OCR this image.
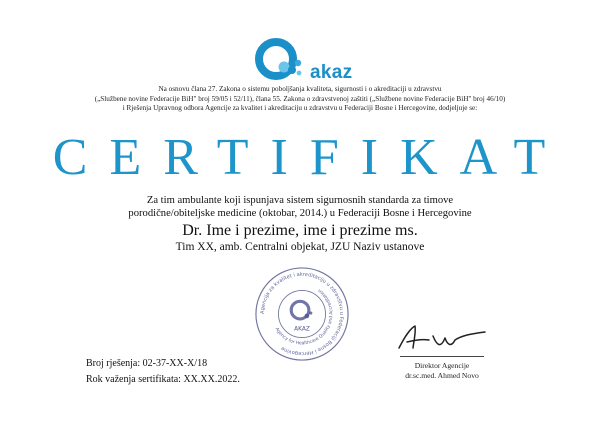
akaz
Na osnovu člana 27. Zakona o sistemu poboljšanja kvaliteta, sigurnosti i o akreditaciji u zdravstvu
(„Službene novine Federacije BiH" broj 59/05 i 52/11), člana 55. Zakona o zdravstvenoj zaštiti („Službene novine Federacije BiH" broj 46/10)
i Rješenja Upravnog odbora Agencije za kvalitet i akreditaciju u zdravstvu u Federaciji Bosne i Hercegovine, dodjeljuje se:
CERTIFIKAT
Za tim ambulante koji ispunjava sistem sigurnosnih standarda za timove
porodične/obiteljske medicine (oktobar, 2014.) u Federaciji Bosne i Hercegovine
Dr. Ime i prezime, ime i prezime ms.
Tim XX, amb. Centralni objekat, JZU Naziv ustanove
Agencija za kvalitet i akreditaciju u zdravstvu u Federaciji Bosne i Hercegovine
Agency for Healthcare Quality and Accreditation
AKAZ
Direktor Agencije
dr.sc.med. Ahmed Novo
Broj rješenja: 02-37-XX-X/18
Rok važenja sertifikata: XX.XX.2022.
